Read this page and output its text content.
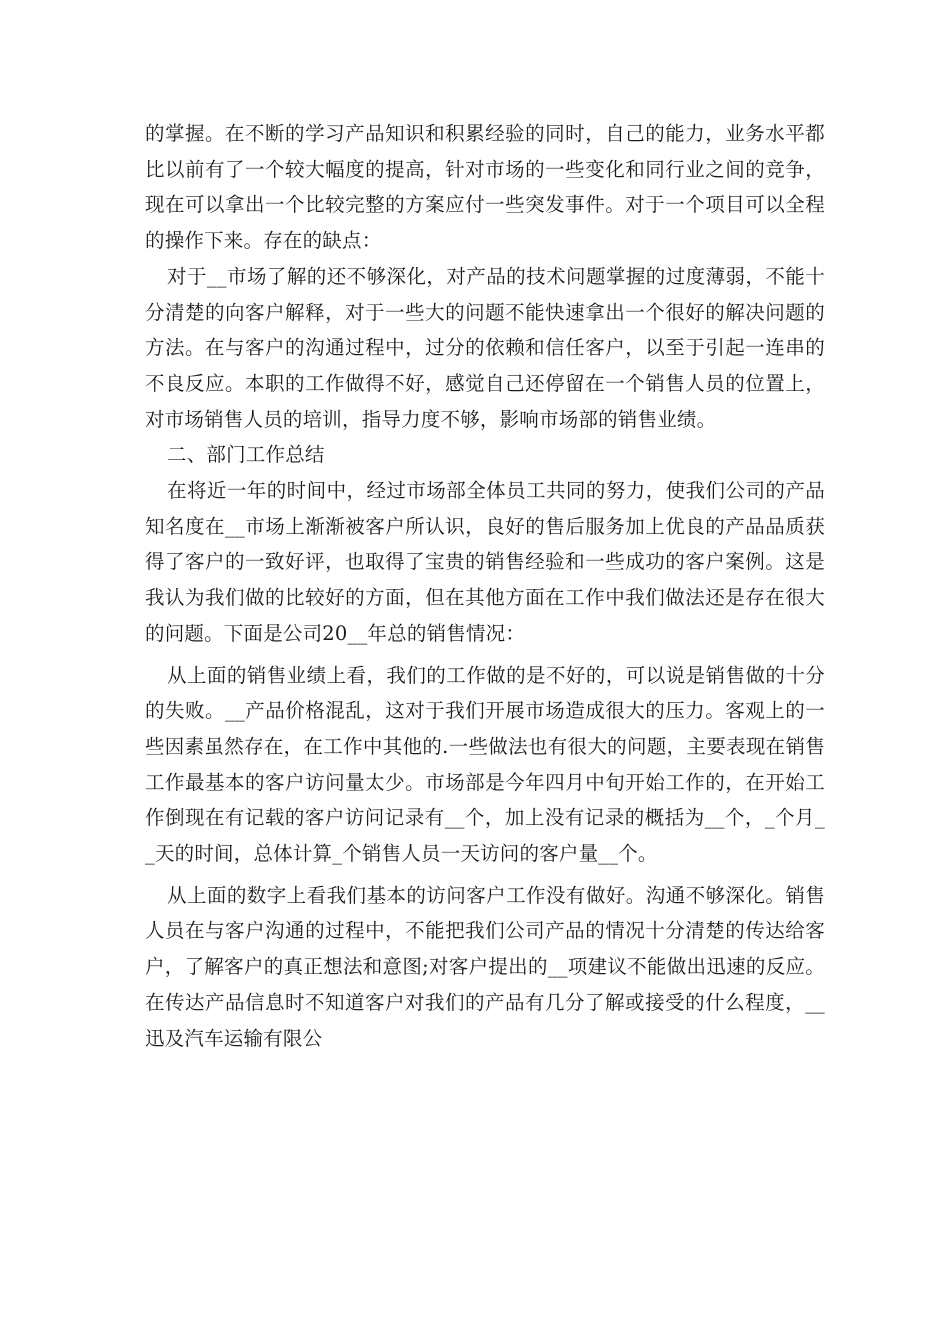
的掌握。在不断的学习产品知识和积累经验的同时，自己的能力，业务水平都比以前有了一个较大幅度的提高，针对市场的一些变化和同行业之间的竞争，现在可以拿出一个比较完整的方案应付一些突发事件。对于一个项目可以全程的操作下来。存在的缺点：

对于__市场了解的还不够深化，对产品的技术问题掌握的过度薄弱，不能十分清楚的向客户解释，对于一些大的问题不能快速拿出一个很好的解决问题的方法。在与客户的沟通过程中，过分的依赖和信任客户，以至于引起一连串的不良反应。本职的工作做得不好，感觉自己还停留在一个销售人员的位置上，对市场销售人员的培训，指导力度不够，影响市场部的销售业绩。

二、部门工作总结

在将近一年的时间中，经过市场部全体员工共同的努力，使我们公司的产品知名度在__市场上渐渐被客户所认识，良好的售后服务加上优良的产品品质获得了客户的一致好评，也取得了宝贵的销售经验和一些成功的客户案例。这是我认为我们做的比较好的方面，但在其他方面在工作中我们做法还是存在很大的问题。下面是公司20__年总的销售情况：

从上面的销售业绩上看，我们的工作做的是不好的，可以说是销售做的十分的失败。__产品价格混乱，这对于我们开展市场造成很大的压力。客观上的一些因素虽然存在，在工作中其他的.一些做法也有很大的问题，主要表现在销售工作最基本的客户访问量太少。市场部是今年四月中旬开始工作的，在开始工作倒现在有记载的客户访问记录有__个，加上没有记录的概括为__个，_个月__天的时间，总体计算_个销售人员一天访问的客户量__个。

从上面的数字上看我们基本的访问客户工作没有做好。沟通不够深化。销售人员在与客户沟通的过程中，不能把我们公司产品的情况十分清楚的传达给客户，了解客户的真正想法和意图;对客户提出的__项建议不能做出迅速的反应。在传达产品信息时不知道客户对我们的产品有几分了解或接受的什么程度，__迅及汽车运输有限公
